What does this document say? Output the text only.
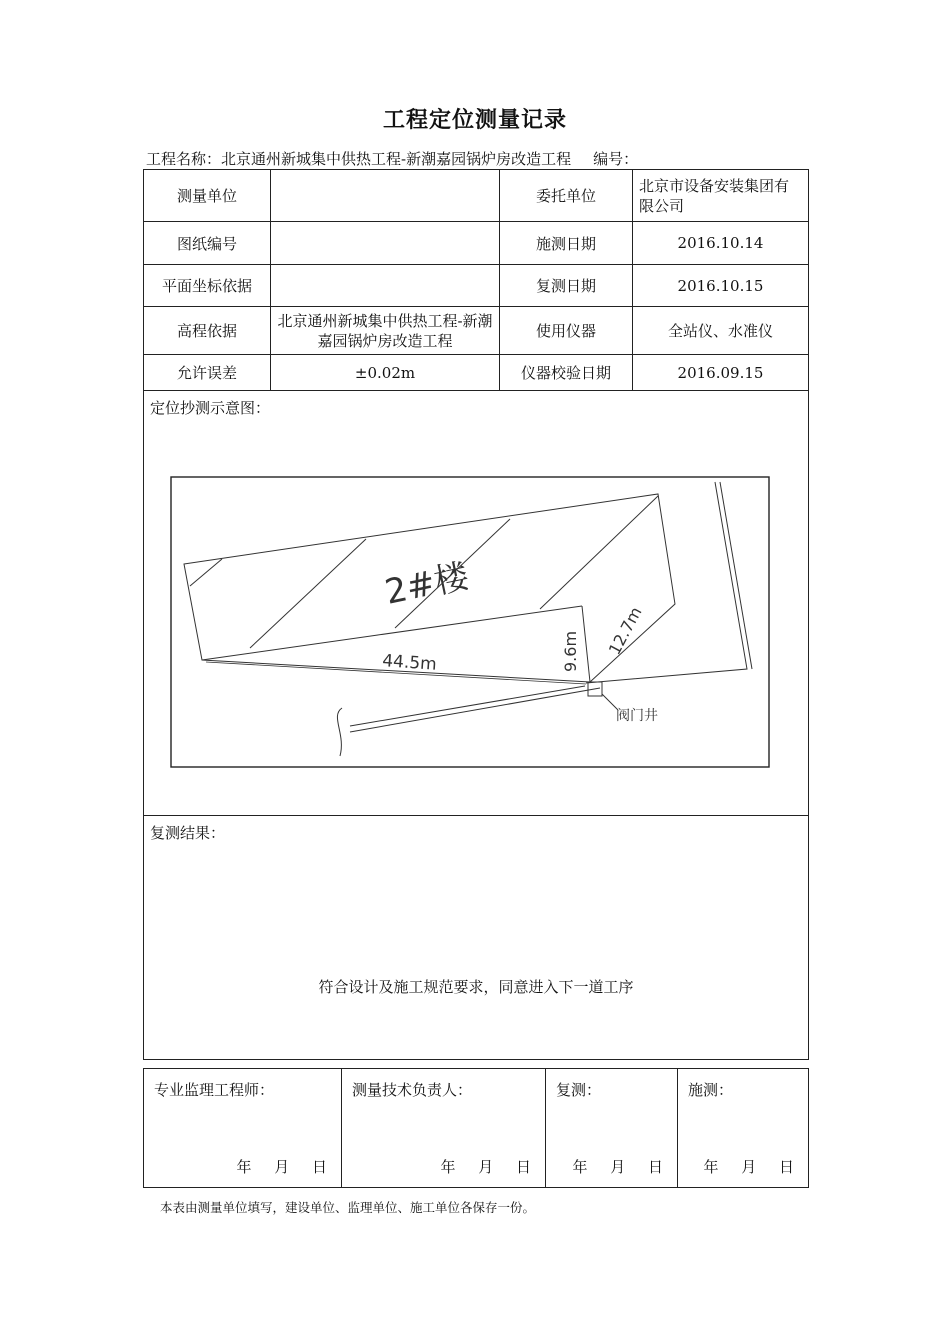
工程定位测量记录
工程名称：北京通州新城集中供热工程-新潮嘉园锅炉房改造工程 编号：
测量单位		委托单位	北京市设备安装集团有限公司
图纸编号		施测日期	2016.10.14
平面坐标依据		复测日期	2016.10.15
高程依据	北京通州新城集中供热工程-新潮嘉园锅炉房改造工程	使用仪器	全站仪、水准仪
允许误差	±0.02m	仪器校验日期	2016.09.15
定位抄测示意图：			
复测结果：
符合设计及施工规范要求，同意进入下一道工序			
专业监理工程师：
年 月 日

测量技术负责人：
年 月 日

复测：
年 月 日

施测：
年 月 日
本表由测量单位填写，建设单位、监理单位、施工单位各保存一份。
2#楼
44.5m	9.6m 12.7m
阀门井
